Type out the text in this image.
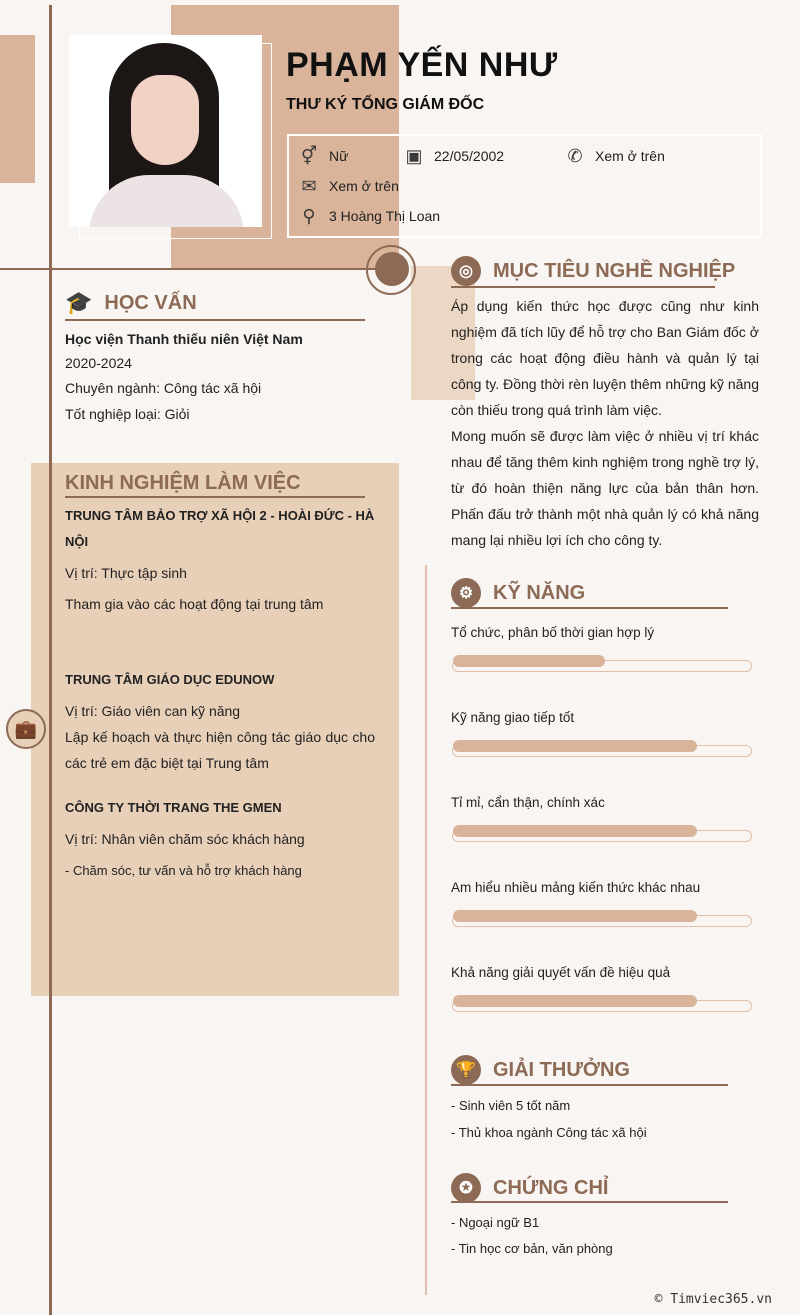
PHẠM YẾN NHƯ
THƯ KÝ TỔNG GIÁM ĐỐC
⚥ Nữ	▣ 22/05/2002	✆ Xem ở trên
✉ Xem ở trên
⚲ 3 Hoàng Thị Loan
🎓 HỌC VẤN
Học viện Thanh thiếu niên Việt Nam
2020-2024
Chuyên ngành: Công tác xã hội
Tốt nghiệp loại: Giỏi
KINH NGHIỆM LÀM VIỆC
💼
TRUNG TÂM BẢO TRỢ XÃ HỘI 2 - HOÀI ĐỨC - HÀ NỘI
Vị trí: Thực tập sinh
Tham gia vào các hoạt động tại trung tâm
TRUNG TÂM GIÁO DỤC EDUNOW
Vị trí: Giáo viên can kỹ năng
Lập kế hoạch và thực hiện công tác giáo dục cho các trẻ em đặc biệt tại Trung tâm
CÔNG TY THỜI TRANG THE GMEN
Vị trí: Nhân viên chăm sóc khách hàng
- Chăm sóc, tư vấn và hỗ trợ khách hàng
◎	MỤC TIÊU NGHỀ NGHIỆP
Áp dụng kiến thức học được cũng như kinh nghiệm đã tích lũy để hỗ trợ cho Ban Giám đốc ở trong các hoạt động điều hành và quản lý tại công ty. Đồng thời rèn luyện thêm những kỹ năng còn thiếu trong quá trình làm việc.
Mong muốn sẽ được làm việc ở nhiều vị trí khác nhau để tăng thêm kinh nghiệm trong nghề trợ lý, từ đó hoàn thiện năng lực của bản thân hơn. Phấn đấu trở thành một nhà quản lý có khả năng mang lại nhiều lợi ích cho công ty.
⚙ KỸ NĂNG
Tổ chức, phân bố thời gian hợp lý
Kỹ năng giao tiếp tốt
Tỉ mỉ, cẩn thận, chính xác
Am hiểu nhiều mảng kiến thức khác nhau
Khả năng giải quyết vấn đề hiệu quả
🏆 GIẢI THƯỞNG
- Sinh viên 5 tốt năm
- Thủ khoa ngành Công tác xã hội
✪	CHỨNG CHỈ
- Ngoại ngữ B1
- Tin học cơ bản, văn phòng
© Timviec365.vn
